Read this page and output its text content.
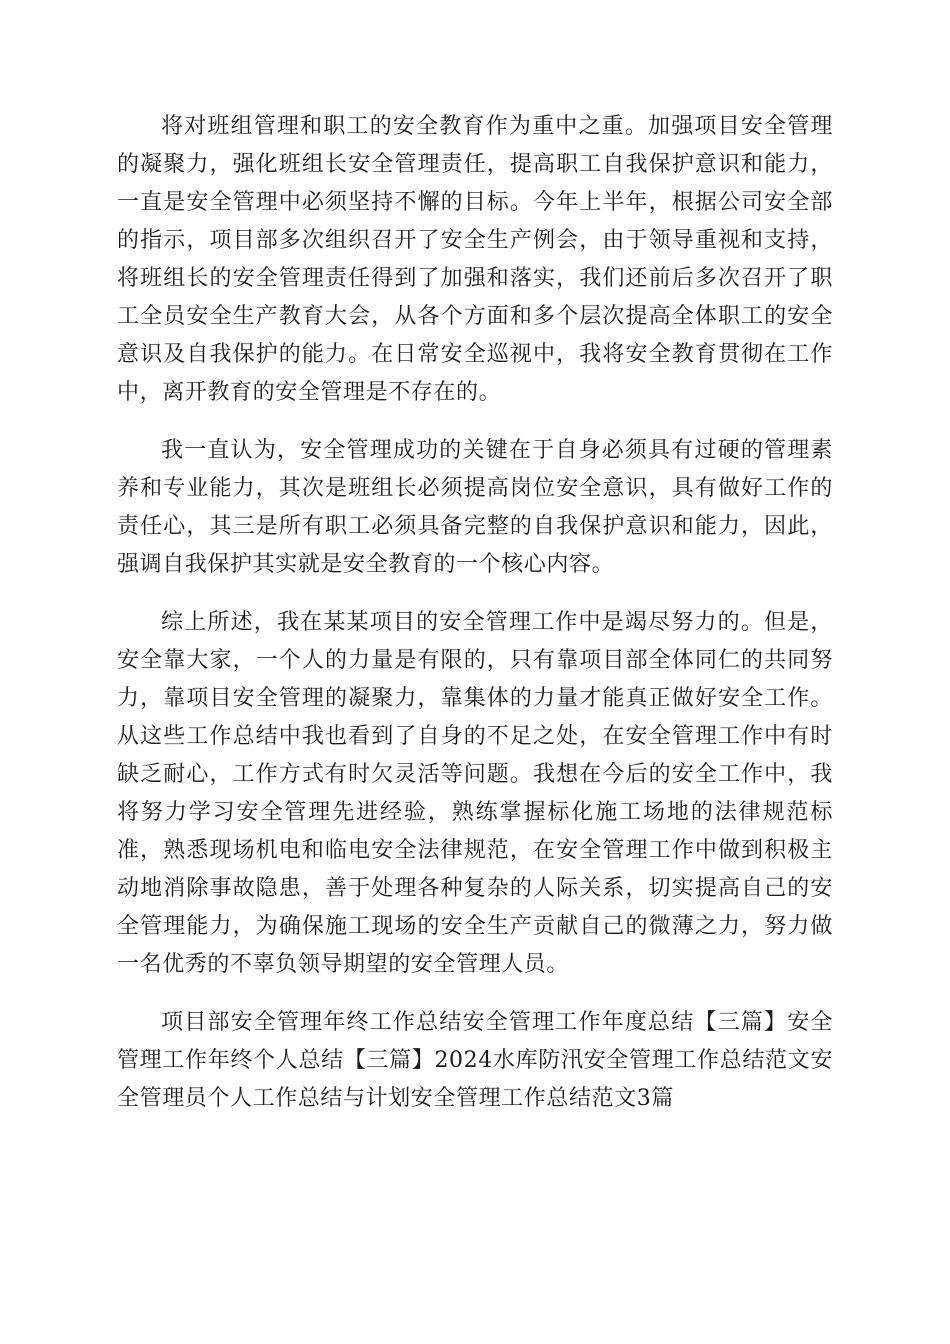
将对班组管理和职工的安全教育作为重中之重。加强项目安全管理的凝聚力，强化班组长安全管理责任，提高职工自我保护意识和能力，一直是安全管理中必须坚持不懈的目标。今年上半年，根据公司安全部的指示，项目部多次组织召开了安全生产例会，由于领导重视和支持，将班组长的安全管理责任得到了加强和落实，我们还前后多次召开了职工全员安全生产教育大会，从各个方面和多个层次提高全体职工的安全意识及自我保护的能力。在日常安全巡视中，我将安全教育贯彻在工作中，离开教育的安全管理是不存在的。

我一直认为，安全管理成功的关键在于自身必须具有过硬的管理素养和专业能力，其次是班组长必须提高岗位安全意识，具有做好工作的责任心，其三是所有职工必须具备完整的自我保护意识和能力，因此，强调自我保护其实就是安全教育的一个核心内容。

综上所述，我在某某项目的安全管理工作中是竭尽努力的。但是，安全靠大家，一个人的力量是有限的，只有靠项目部全体同仁的共同努力，靠项目安全管理的凝聚力，靠集体的力量才能真正做好安全工作。从这些工作总结中我也看到了自身的不足之处，在安全管理工作中有时缺乏耐心，工作方式有时欠灵活等问题。我想在今后的安全工作中，我将努力学习安全管理先进经验，熟练掌握标化施工场地的法律规范标准，熟悉现场机电和临电安全法律规范，在安全管理工作中做到积极主动地消除事故隐患，善于处理各种复杂的人际关系，切实提高自己的安全管理能力，为确保施工现场的安全生产贡献自己的微薄之力，努力做一名优秀的不辜负领导期望的安全管理人员。

项目部安全管理年终工作总结安全管理工作年度总结【三篇】安全管理工作年终个人总结【三篇】2024水库防汛安全管理工作总结范文安全管理员个人工作总结与计划安全管理工作总结范文3篇
